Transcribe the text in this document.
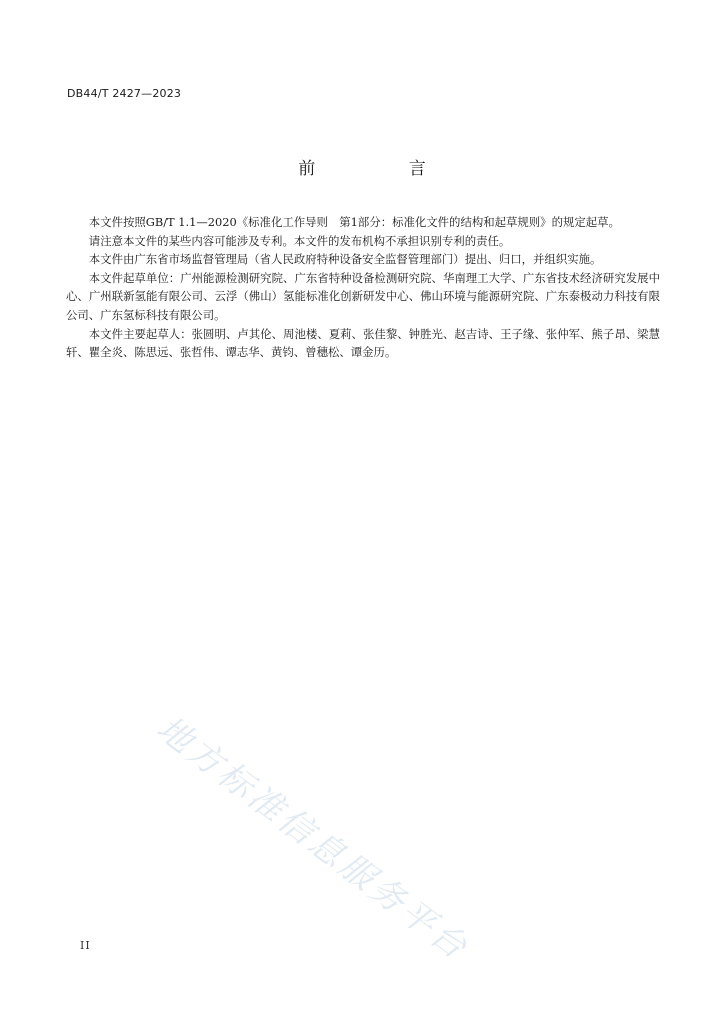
DB44/T 2427—2023
前 言

本文件按照GB/T 1.1—2020《标准化工作导则　第1部分：标准化文件的结构和起草规则》的规定起草。

请注意本文件的某些内容可能涉及专利。本文件的发布机构不承担识别专利的责任。

本文件由广东省市场监督管理局（省人民政府特种设备安全监督管理部门）提出、归口，并组织实施。

本文件起草单位：广州能源检测研究院、广东省特种设备检测研究院、华南理工大学、广东省技术经济研究发展中心、广州联新氢能有限公司、云浮（佛山）氢能标准化创新研发中心、佛山环境与能源研究院、广东泰极动力科技有限公司、广东氢标科技有限公司。

本文件主要起草人：张圆明、卢其伦、周池楼、夏莉、张佳黎、钟胜光、赵吉诗、王子缘、张仲军、熊子昂、梁慧轩、瞿全炎、陈思远、张哲伟、谭志华、黄钧、曾穗松、谭金历。

地方标准信息服务平台
II
